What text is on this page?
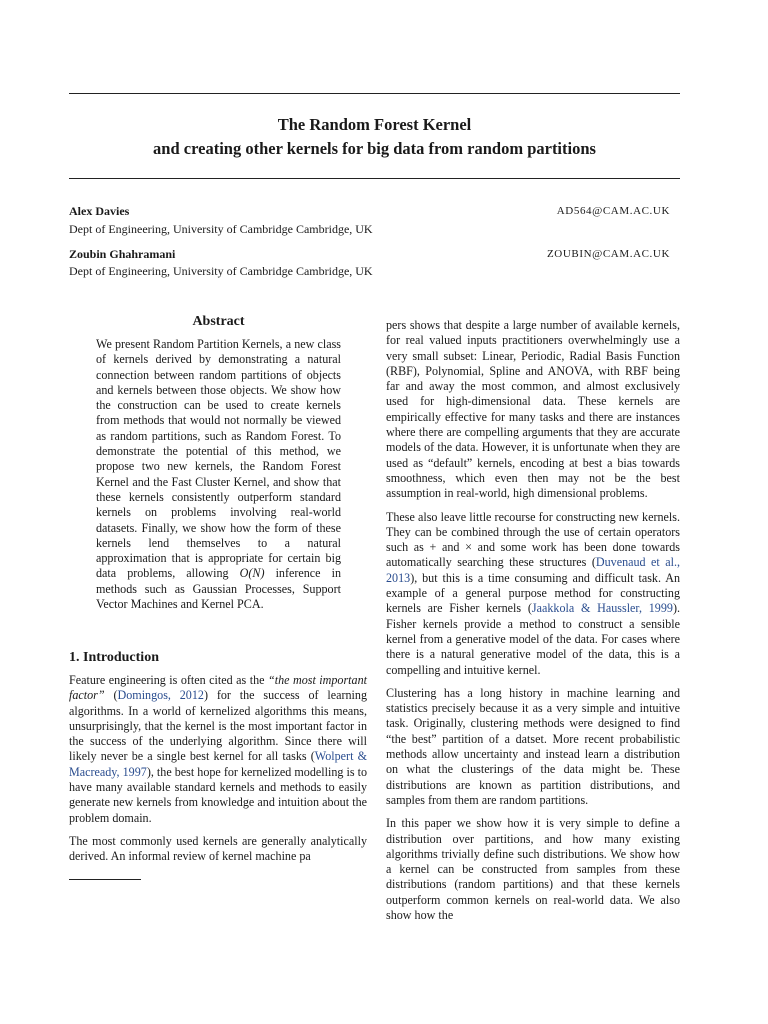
The Random Forest Kernel
and creating other kernels for big data from random partitions
Alex Davies	AD564@CAM.AC.UK
Dept of Engineering, University of Cambridge Cambridge, UK
Zoubin Ghahramani	ZOUBIN@CAM.AC.UK
Dept of Engineering, University of Cambridge Cambridge, UK
Abstract

We present Random Partition Kernels, a new class of kernels derived by demonstrating a natural connection between random partitions of objects and kernels between those objects. We show how the construction can be used to create kernels from methods that would not normally be viewed as random partitions, such as Random Forest. To demonstrate the potential of this method, we propose two new kernels, the Random Forest Kernel and the Fast Cluster Kernel, and show that these kernels consistently outperform standard kernels on problems involving real-world datasets. Finally, we show how the form of these kernels lend themselves to a natural approximation that is appropriate for certain big data problems, allowing O(N) inference in methods such as Gaussian Processes, Support Vector Machines and Kernel PCA.

1. Introduction

Feature engineering is often cited as the “the most important factor” (Domingos, 2012) for the success of learning algorithms. In a world of kernelized algorithms this means, unsurprisingly, that the kernel is the most important factor in the success of the underlying algorithm. Since there will likely never be a single best kernel for all tasks (Wolpert & Macready, 1997), the best hope for kernelized modelling is to have many available standard kernels and methods to easily generate new kernels from knowledge and intuition about the problem domain.

The most commonly used kernels are generally analytically derived. An informal review of kernel machine pa

pers shows that despite a large number of available kernels, for real valued inputs practitioners overwhelmingly use a very small subset: Linear, Periodic, Radial Basis Function (RBF), Polynomial, Spline and ANOVA, with RBF being far and away the most common, and almost exclusively used for high-dimensional data. These kernels are empirically effective for many tasks and there are instances where there are compelling arguments that they are accurate models of the data. However, it is unfortunate when they are used as “default” kernels, encoding at best a bias towards smoothness, which even then may not be the best assumption in real-world, high dimensional problems.

These also leave little recourse for constructing new kernels. They can be combined through the use of certain operators such as + and × and some work has been done towards automatically searching these structures (Duvenaud et al., 2013), but this is a time consuming and difficult task. An example of a general purpose method for constructing kernels are Fisher kernels (Jaakkola & Haussler, 1999). Fisher kernels provide a method to construct a sensible kernel from a generative model of the data. For cases where there is a natural generative model of the data, this is a compelling and intuitive kernel.

Clustering has a long history in machine learning and statistics precisely because it as a very simple and intuitive task. Originally, clustering methods were designed to find “the best” partition of a datset. More recent probabilistic methods allow uncertainty and instead learn a distribution on what the clusterings of the data might be. These distributions are known as partition distributions, and samples from them are random partitions.

In this paper we show how it is very simple to define a distribution over partitions, and how many existing algorithms trivially define such distributions. We show how a kernel can be constructed from samples from these distributions (random partitions) and that these kernels outperform common kernels on real-world data. We also show how the
